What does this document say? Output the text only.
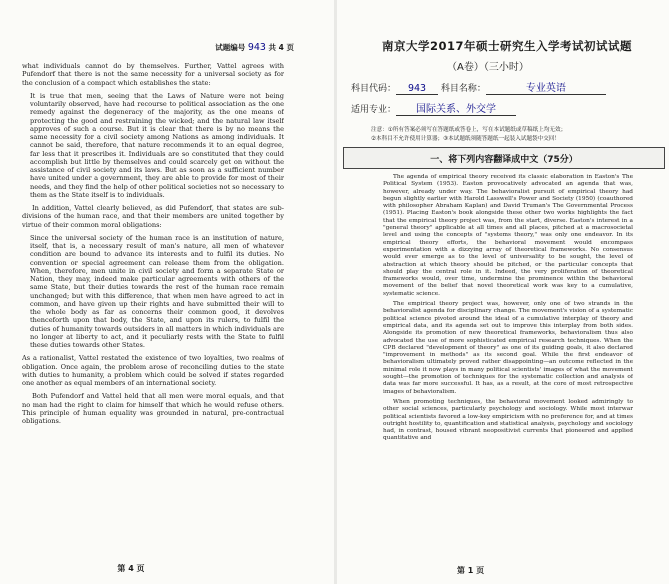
试题编号 943 共 4 页

what individuals cannot do by themselves. Further, Vattel agrees with Pufendorf that there is not the same necessity for a universal society as for the conclusion of a compact which establishes the state:

It is true that men, seeing that the Laws of Nature were not being voluntarily observed, have had recourse to political association as the one remedy against the degeneracy of the majority, as the one means of protecting the good and restraining the wicked; and the natural law itself approves of such a course. But it is clear that there is by no means the same necessity for a civil society among Nations as among individuals. It cannot be said, therefore, that nature recommends it to an equal degree, far less that it prescribes it. Individuals are so constituted that they could accomplish but little by themselves and could scarcely get on without the assistance of civil society and its laws. But as soon as a sufficient number have united under a government, they are able to provide for most of their needs, and they find the help of other political societies not so necessary to them as the State itself is to individuals.

In addition, Vattel clearly believed, as did Pufendorf, that states are sub-divisions of the human race, and that their members are united together by virtue of their common moral obligations:

Since the universal society of the human race is an institution of nature, itself, that is, a necessary result of man's nature, all men of whatever condition are bound to advance its interests and to fulfil its duties. No convention or special agreement can release them from the obligation. When, therefore, men unite in civil society and form a separate State or Nation, they may, indeed make particular agreements with others of the same State, but their duties towards the rest of the human race remain unchanged; but with this difference, that when men have agreed to act in common, and have given up their rights and have submitted their will to the whole body as far as concerns their common good, it devolves thenceforth upon that body, the State, and upon its rulers, to fulfil the duties of humanity towards outsiders in all matters in which individuals are no longer at liberty to act, and it peculiarly rests with the State to fulfil these duties towards other States.

As a rationalist, Vattel restated the existence of two loyalties, two realms of obligation. Once again, the problem arose of reconciling duties to the state with duties to humanity, a problem which could be solved if states regarded one another as equal members of an international society.

Both Pufendorf and Vattel held that all men were moral equals, and that no man had the right to claim for himself that which he would refuse others. This principle of human equality was grounded in natural, pre-contractual obligations.

第 4 页
南京大学2017年硕士研究生入学考试初试试题
（A卷）（三小时）
科目代码： 943 科目名称：	专业英语
适用专业： 国际关系、外交学
注意：①所有答案必须写在答题纸或答卷上，写在本试题纸或草稿纸上均无效；
②本科目不允许使用计算器；③本试题纸须随答题纸一起装入试题袋中交回！
一、将下列内容翻译成中文（75分）

The agenda of empirical theory received its classic elaboration in Easton's The Political System (1953). Easton provocatively advocated an agenda that was, however, already under way. The behavioralist pursuit of empirical theory had begun slightly earlier with Harold Lasswell's Power and Society (1950) (coauthored with philosopher Abraham Kaplan) and David Truman's The Governmental Process (1951). Placing Easton's book alongside these other two works highlights the fact that the empirical theory project was, from the start, diverse. Easton's interest in a "general theory" applicable at all times and all places, pitched at a macrosocietal level and using the concepts of "systems theory," was only one endeavor. In its empirical theory efforts, the behavioral movement would encompass experimentation with a dizzying array of theoretical frameworks. No consensus would ever emerge as to the level of universality to be sought, the level of abstraction at which theory should be pitched, or the particular concepts that should play the central role in it. Indeed, the very proliferation of theoretical frameworks would, over time, undermine the prominence within the behavioral movement of the belief that novel theoretical work was key to a cumulative, systematic science.

The empirical theory project was, however, only one of two strands in the behavioralist agenda for disciplinary change. The movement's vision of a systematic political science pivoted around the ideal of a cumulative interplay of theory and empirical data, and its agenda set out to improve this interplay from both sides. Alongside its promotion of new theoretical frameworks, behavioralism thus also advocated the use of more sophisticated empirical research techniques. When the CPB declared "development of theory" as one of its guiding goals, it also declared "improvement in methods" as its second goal. While the first endeavor of behavioralism ultimately proved rather disappointing—an outcome reflected in the minimal role it now plays in many political scientists' images of what the movement sought—the promotion of techniques for the systematic collection and analysis of data was far more successful. It has, as a result, at the core of most retrospective images of behavioralism.

When promoting techniques, the behavioral movement looked admiringly to other social sciences, particularly psychology and sociology. While most interwar political scientists favored a low-key empiricism with no preference for, and at times outright hostility to, quantification and statistical analysis, psychology and sociology had, in contrast, housed vibrant neopositivist currents that pioneered and applied quantitative and

第 1 页
